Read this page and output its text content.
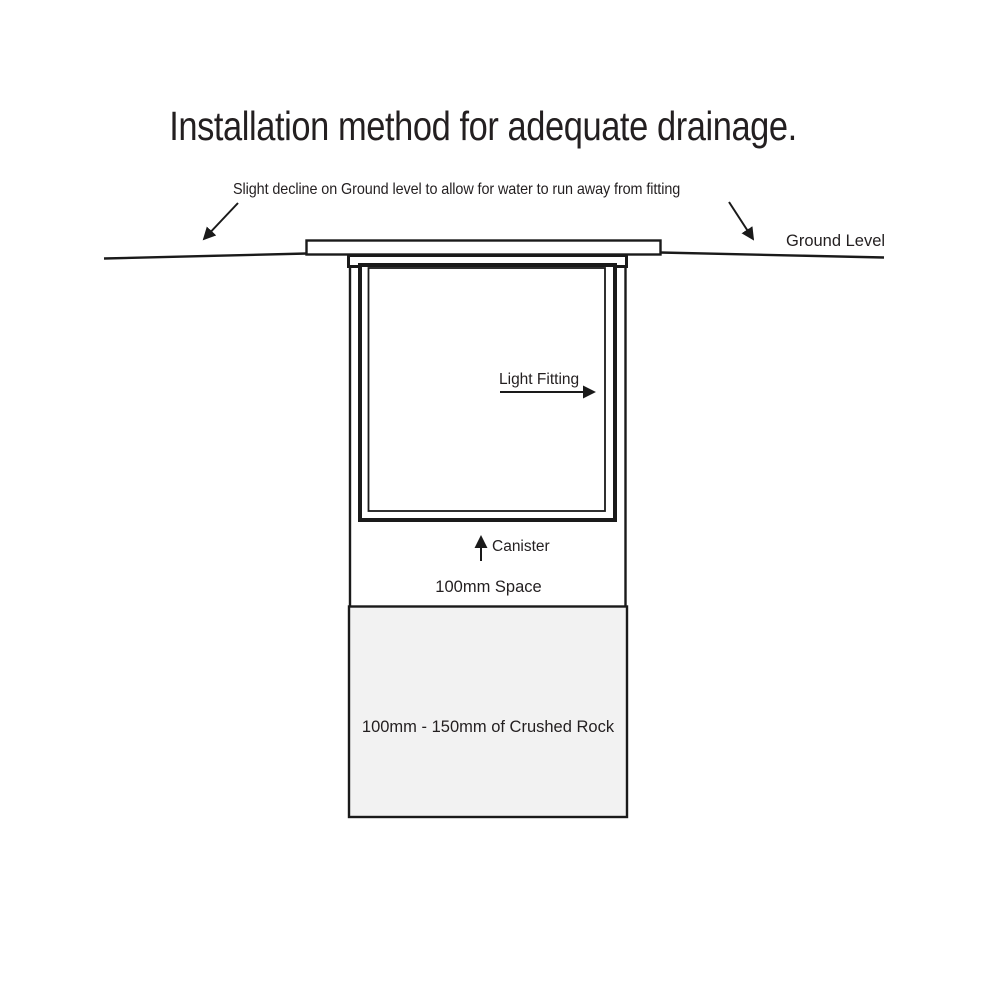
Installation method for adequate drainage.
Slight decline on Ground level to allow for water to run away from fitting
Ground Level
Light Fitting
Canister
100mm Space
100mm - 150mm of Crushed Rock
